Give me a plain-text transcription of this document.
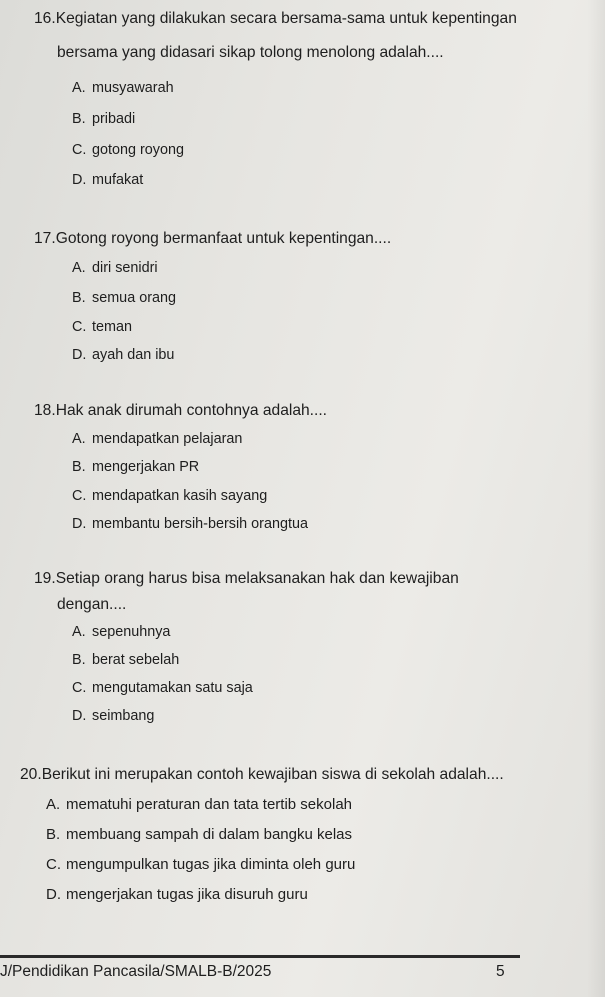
16.Kegiatan yang dilakukan secara bersama-sama untuk kepentingan
bersama yang didasari sikap tolong menolong adalah....
A. musyawarah
B. pribadi
C. gotong royong
D. mufakat
17.Gotong royong bermanfaat untuk kepentingan....
A. diri senidri
B. semua orang
C. teman
D. ayah dan ibu
18.Hak anak dirumah contohnya adalah....
A. mendapatkan pelajaran
B. mengerjakan PR
C. mendapatkan kasih sayang
D. membantu bersih-bersih orangtua
19.Setiap orang harus bisa melaksanakan hak dan kewajiban
dengan....
A. sepenuhnya
B. berat sebelah
C. mengutamakan satu saja
D. seimbang
20.Berikut ini merupakan contoh kewajiban siswa di sekolah adalah....
A. mematuhi peraturan dan tata tertib sekolah
B. membuang sampah di dalam bangku kelas
C. mengumpulkan tugas jika diminta oleh guru
D. mengerjakan tugas jika disuruh guru
J/Pendidikan Pancasila/SMALB-B/2025	5
